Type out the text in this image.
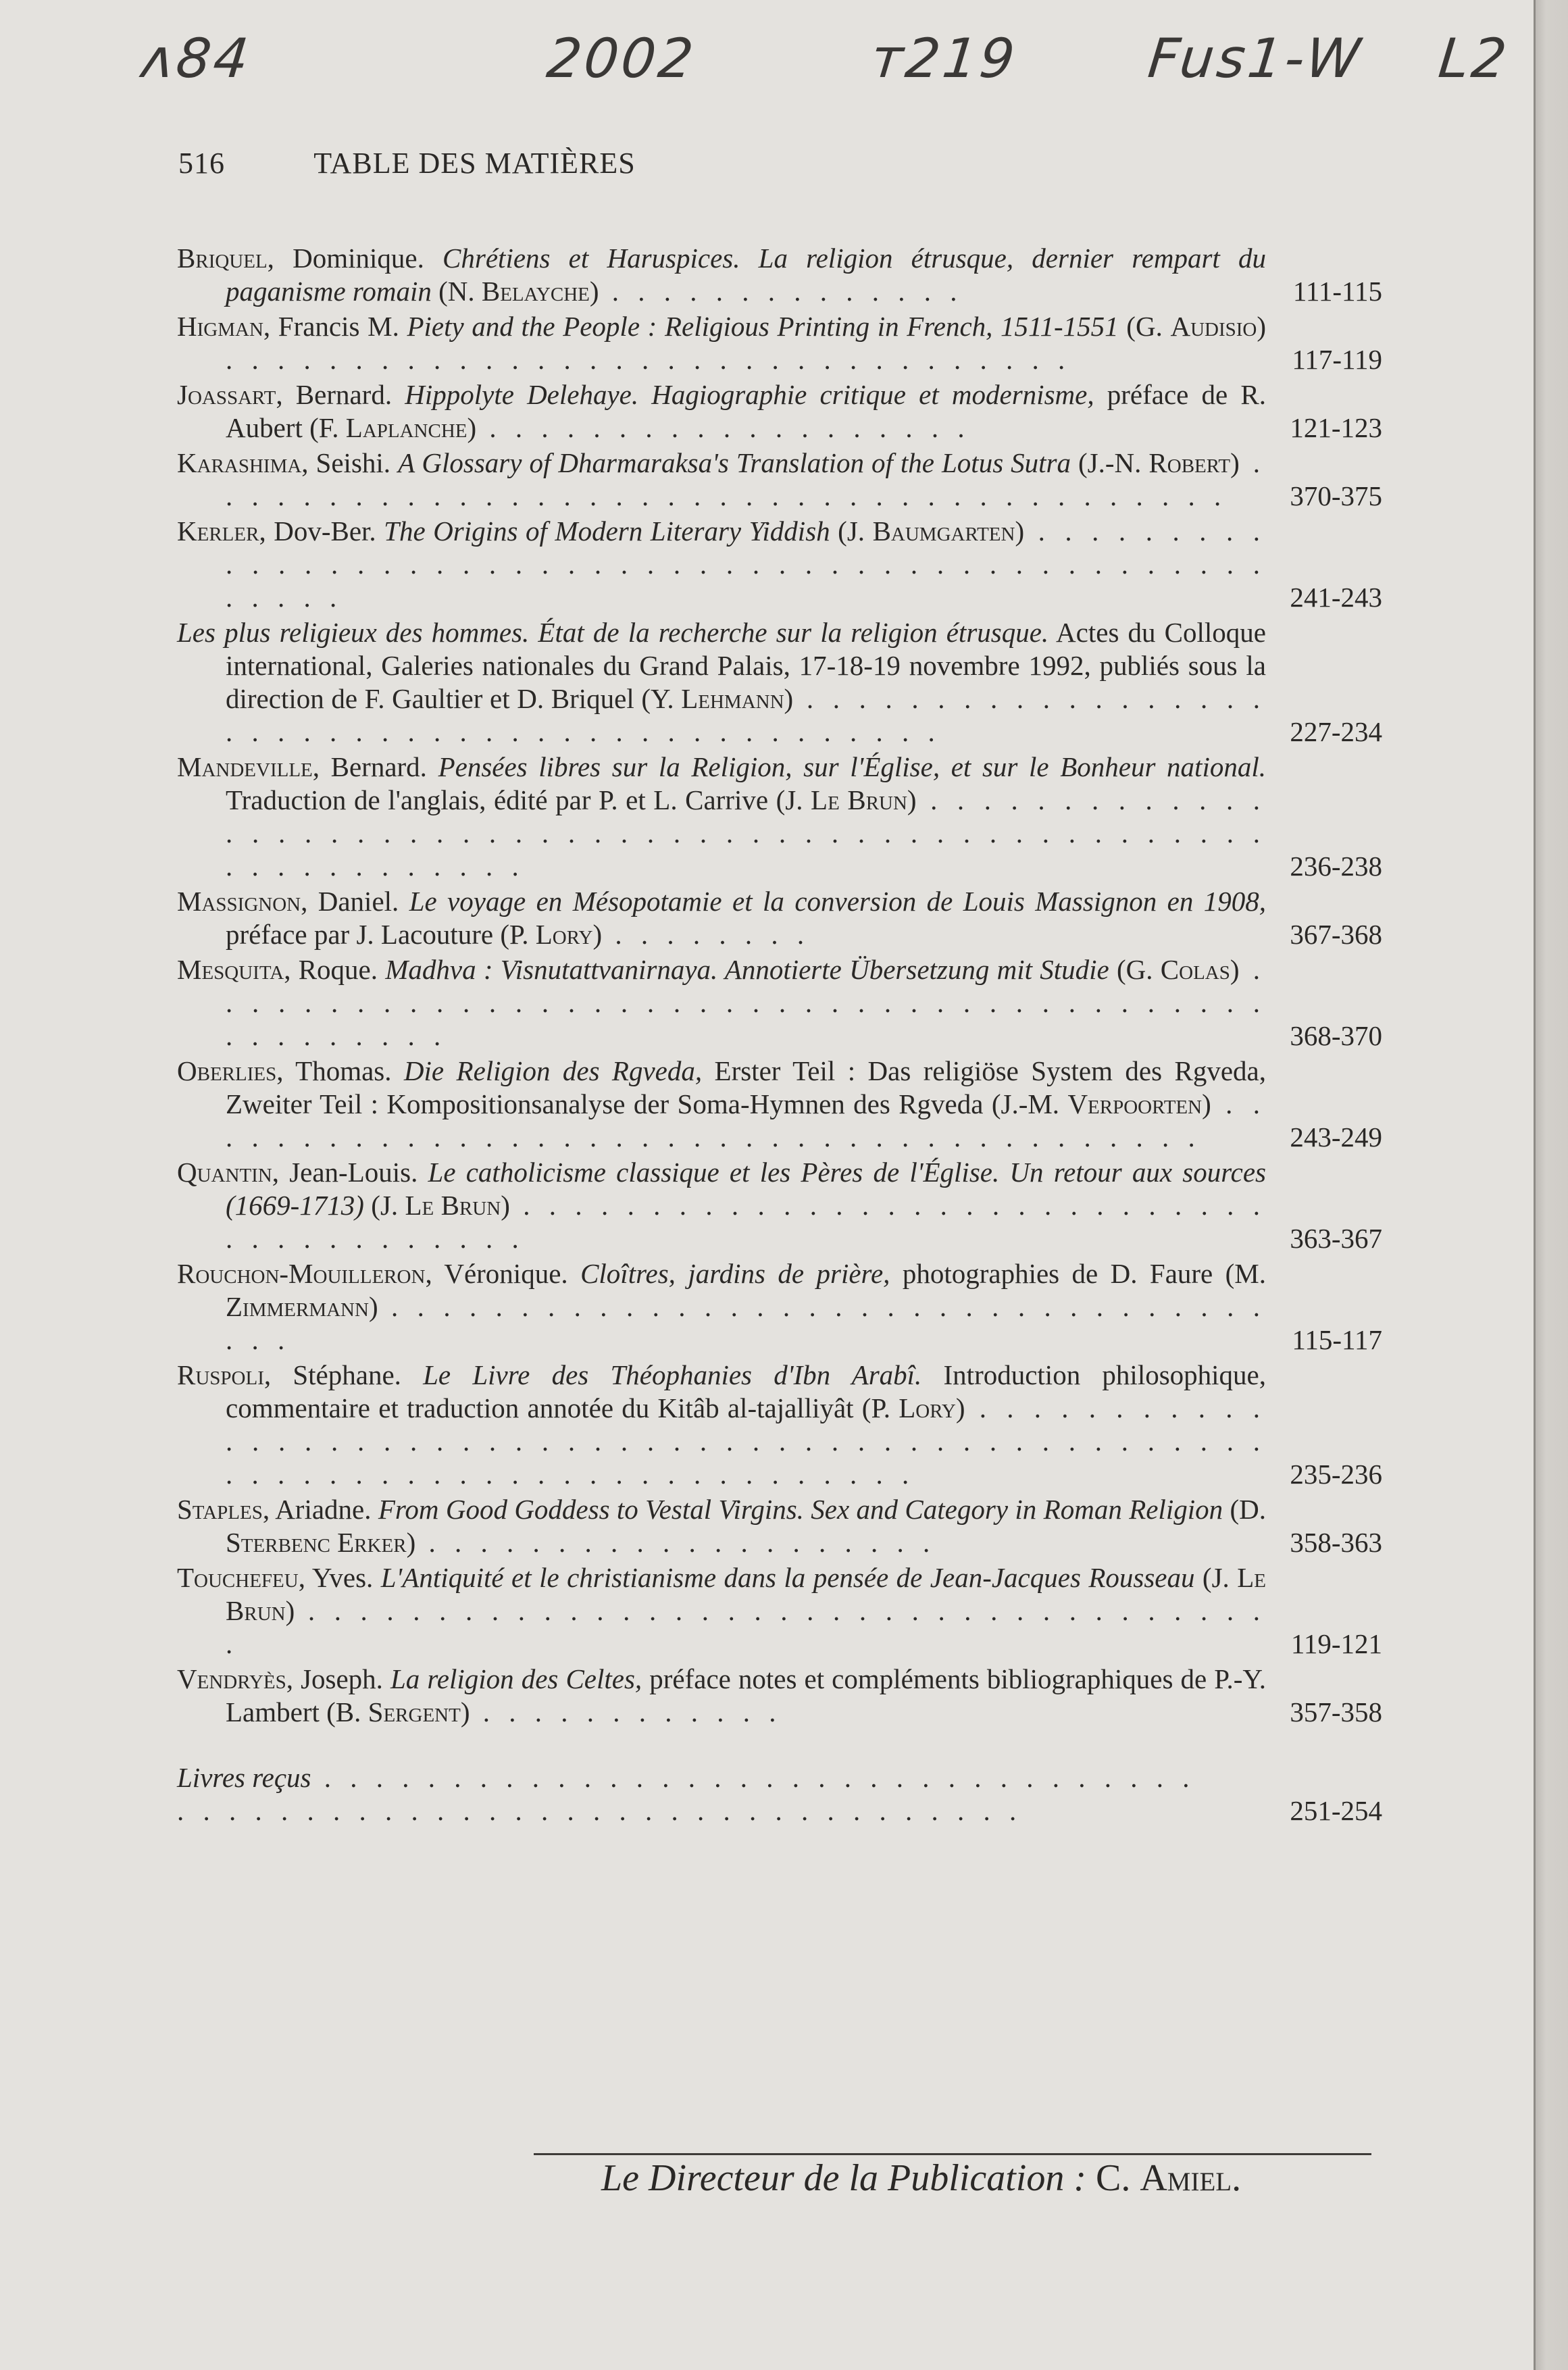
ᴧ84	2002	ᴛ219 Fus1-W L2
516	TABLE DES MATIÈRES
Briquel, Dominique. Chrétiens et Haruspices. La religion étrusque, dernier rempart du paganisme romain (N. Belayche) . . . . . . . . . . . . . .	111-115
Higman, Francis M. Piety and the People : Religious Printing in French, 1511-1551 (G. Audisio) . . . . . . . . . . . . . . . . . . . . . . . . . . . . . . . . .	117-119
Joassart, Bernard. Hippolyte Delehaye. Hagiographie critique et modernisme, préface de R. Aubert (F. Laplanche) . . . . . . . . . . . . . . . . . . .	121-123
Karashima, Seishi. A Glossary of Dharmaraksa's Translation of the Lotus Sutra (J.-N. Robert) . . . . . . . . . . . . . . . . . . . . . . . . . . . . . . . . . . . . . . . .	370-375
Kerler, Dov-Ber. The Origins of Modern Literary Yiddish (J. Baumgarten) . . . . . . . . . . . . . . . . . . . . . . . . . . . . . . . . . . . . . . . . . . . . . . . . . . . . . .	241-243
Les plus religieux des hommes. État de la recherche sur la religion étrusque. Actes du Colloque international, Galeries nationales du Grand Palais, 17-18-19 novembre 1992, publiés sous la direction de F. Gaultier et D. Briquel (Y. Lehmann) . . . . . . . . . . . . . . . . . . . . . . . . . . . . . . . . . . . . . . . . . . . . . .	227-234
Mandeville, Bernard. Pensées libres sur la Religion, sur l'Église, et sur le Bonheur national. Traduction de l'anglais, édité par P. et L. Carrive (J. Le Brun) . . . . . . . . . . . . . . . . . . . . . . . . . . . . . . . . . . . . . . . . . . . . . . . . . . . . . . . . . . . . . . . . .	236-238
Massignon, Daniel. Le voyage en Mésopotamie et la conversion de Louis Massignon en 1908, préface par J. Lacouture (P. Lory) . . . . . . . .	367-368
Mesquita, Roque. Madhva : Visnutattvanirnaya. Annotierte Übersetzung mit Studie (G. Colas) . . . . . . . . . . . . . . . . . . . . . . . . . . . . . . . . . . . . . . . . . . . . . . . . . .	368-370
Oberlies, Thomas. Die Religion des Rgveda, Erster Teil : Das religiöse System des Rgveda, Zweiter Teil : Kompositionsanalyse der Soma-Hymnen des Rgveda (J.-M. Verpoorten) . . . . . . . . . . . . . . . . . . . . . . . . . . . . . . . . . . . . . . . .	243-249
Quantin, Jean-Louis. Le catholicisme classique et les Pères de l'Église. Un retour aux sources (1669-1713) (J. Le Brun) . . . . . . . . . . . . . . . . . . . . . . . . . . . . . . . . . . . . . . . . .	363-367
Rouchon-Mouilleron, Véronique. Cloîtres, jardins de prière, photographies de D. Faure (M. Zimmermann) . . . . . . . . . . . . . . . . . . . . . . . . . . . . . . . . . . . . .	115-117
Ruspoli, Stéphane. Le Livre des Théophanies d'Ibn Arabî. Introduction philosophique, commentaire et traduction annotée du Kitâb al-tajalliyât (P. Lory) . . . . . . . . . . . . . . . . . . . . . . . . . . . . . . . . . . . . . . . . . . . . . . . . . . . . . . . . . . . . . . . . . . . . . . . . . . . . . .	235-236
Staples, Ariadne. From Good Goddess to Vestal Virgins. Sex and Category in Roman Religion (D. Sterbenc Erker) . . . . . . . . . . . . . . . . . . . .	358-363
Touchefeu, Yves. L'Antiquité et le christianisme dans la pensée de Jean-Jacques Rousseau (J. Le Brun) . . . . . . . . . . . . . . . . . . . . . . . . . . . . . . . . . . . . . .	119-121
Vendryès, Joseph. La religion des Celtes, préface notes et compléments bibliographiques de P.-Y. Lambert (B. Sergent) . . . . . . . . . . . .	357-358
Livres reçus . . . . . . . . . . . . . . . . . . . . . . . . . . . . . . . . . . . . . . . . . . . . . . . . . . . . . . . . . . . . . . . . . . .	251-254
Le Directeur de la Publication : C. Amiel.
